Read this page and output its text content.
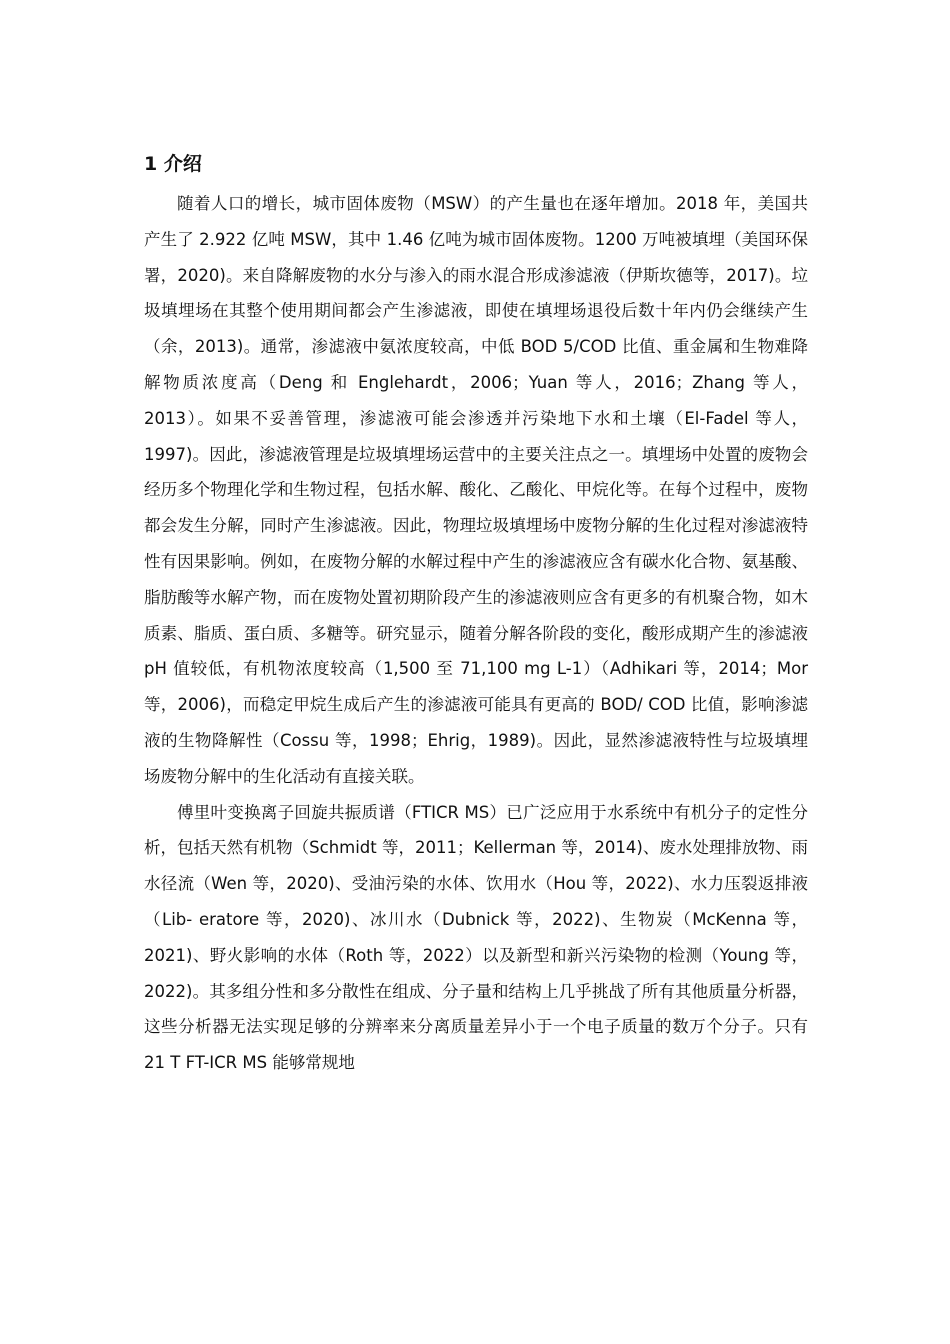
1 介绍

随着人口的增长，城市固体废物（MSW）的产生量也在逐年增加。2018 年，美国共产生了 2.922 亿吨 MSW，其中 1.46 亿吨为城市固体废物。1200 万吨被填埋（美国环保署，2020)。来自降解废物的水分与渗入的雨水混合形成渗滤液（伊斯坎德等，2017)。垃圾填埋场在其整个使用期间都会产生渗滤液，即使在填埋场退役后数十年内仍会继续产生（余，2013)。通常，渗滤液中氨浓度较高，中低 BOD 5/COD 比值、重金属和生物难降解物质浓度高（Deng 和 Englehardt，2006；Yuan 等人，2016；Zhang 等人，2013）。如果不妥善管理，渗滤液可能会渗透并污染地下水和土壤（El-Fadel 等人，1997)。因此，渗滤液管理是垃圾填埋场运营中的主要关注点之一。填埋场中处置的废物会经历多个物理化学和生物过程，包括水解、酸化、乙酸化、甲烷化等。在每个过程中，废物都会发生分解，同时产生渗滤液。因此，物理垃圾填埋场中废物分解的生化过程对渗滤液特性有因果影响。例如，在废物分解的水解过程中产生的渗滤液应含有碳水化合物、氨基酸、脂肪酸等水解产物，而在废物处置初期阶段产生的渗滤液则应含有更多的有机聚合物，如木质素、脂质、蛋白质、多糖等。研究显示，随着分解各阶段的变化，酸形成期产生的渗滤液 pH 值较低，有机物浓度较高（1,500 至 71,100 mg L-1）（Adhikari 等，2014；Mor 等，2006)，而稳定甲烷生成后产生的渗滤液可能具有更高的 BOD/ COD 比值，影响渗滤液的生物降解性（Cossu 等，1998；Ehrig，1989)。因此，显然渗滤液特性与垃圾填埋场废物分解中的生化活动有直接关联。

傅里叶变换离子回旋共振质谱（FTICR MS）已广泛应用于水系统中有机分子的定性分析，包括天然有机物（Schmidt 等，2011；Kellerman 等，2014)、废水处理排放物、雨水径流（Wen 等，2020)、受油污染的水体、饮用水（Hou 等，2022)、水力压裂返排液（Lib- eratore 等，2020)、冰川水（Dubnick 等，2022)、生物炭（McKenna 等，2021)、野火影响的水体（Roth 等，2022）以及新型和新兴污染物的检测（Young 等，2022)。其多组分性和多分散性在组成、分子量和结构上几乎挑战了所有其他质量分析器，这些分析器无法实现足够的分辨率来分离质量差异小于一个电子质量的数万个分子。只有 21 T FT-ICR MS 能够常规地
